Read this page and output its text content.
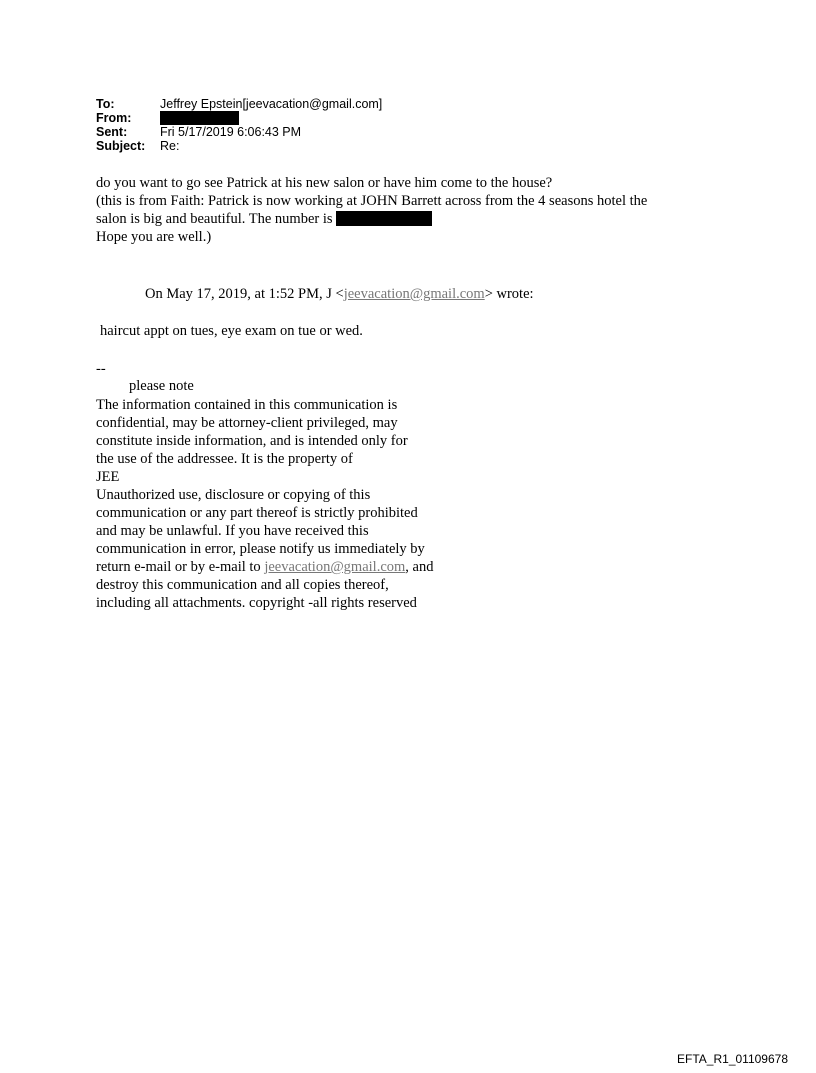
To:	Jeffrey Epstein[jeevacation@gmail.com]
From:
Sent:	Fri 5/17/2019 6:06:43 PM
Subject:	Re:
do you want to go see Patrick at his new salon or have him come to the house?
(this is from Faith: Patrick is now working at JOHN Barrett across from the 4 seasons hotel the
salon is big and beautiful. The number is
Hope you are well.)
On May 17, 2019, at 1:52 PM, J <jeevacation@gmail.com> wrote:
haircut appt on tues, eye exam on tue or wed.
--
please note
The information contained in this communication is
confidential, may be attorney-client privileged, may
constitute inside information, and is intended only for
the use of the addressee. It is the property of
JEE
Unauthorized use, disclosure or copying of this
communication or any part thereof is strictly prohibited
and may be unlawful. If you have received this
communication in error, please notify us immediately by
return e-mail or by e-mail to jeevacation@gmail.com, and
destroy this communication and all copies thereof,
including all attachments. copyright -all rights reserved
EFTA_R1_01109678
